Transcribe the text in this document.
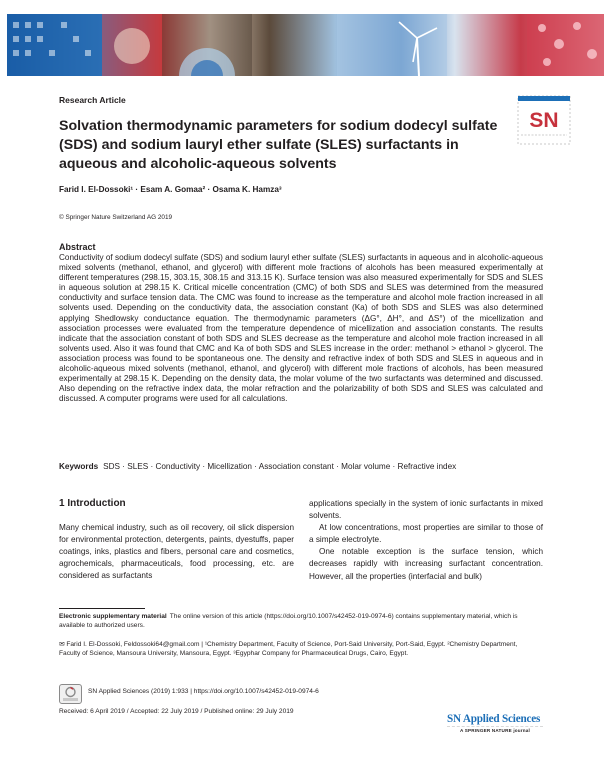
Research Article
Solvation thermodynamic parameters for sodium dodecyl sulfate (SDS) and sodium lauryl ether sulfate (SLES) surfactants in aqueous and alcoholic-aqueous solvents
SN
Farid I. El-Dossoki¹ · Esam A. Gomaa² · Osama K. Hamza³
© Springer Nature Switzerland AG 2019
Abstract
Conductivity of sodium dodecyl sulfate (SDS) and sodium lauryl ether sulfate (SLES) surfactants in aqueous and in alcoholic-aqueous mixed solvents (methanol, ethanol, and glycerol) with different mole fractions of alcohols has been measured experimentally at different temperatures (298.15, 303.15, 308.15 and 313.15 K). Surface tension was also measured experimentally for SDS and SLES in aqueous solution at 298.15 K. Critical micelle concentration (CMC) of both SDS and SLES was determined from the measured conductivity and surface tension data. The CMC was found to increase as the temperature and alcohol mole fraction increased in all solvents used. Depending on the conductivity data, the association constant (Ka) of both SDS and SLES was also determined applying Shedlowsky conductance equation. The thermodynamic parameters (ΔG°, ΔH°, and ΔS°) of the micellization and association processes were evaluated from the temperature dependence of micellization and association constants. The results indicate that the association constant of both SDS and SLES decrease as the temperature and alcohol mole fraction increased in all solvents used. Also it was found that CMC and Ka of both SDS and SLES increase in the order: methanol > ethanol > glycerol. The association process was found to be spontaneous one. The density and refractive index of both SDS and SLES in aqueous and in alcoholic-aqueous mixed solvents (methanol, ethanol, and glycerol) with different mole fractions of alcohols, has been measured experimentally at 298.15 K. Depending on the density data, the molar volume of the two surfactants was determined and discussed. Also depending on the refractive index data, the molar refraction and the polarizability of both SDS and SLES was calculated and discussed. A computer programs were used for all calculations.
Keywords SDS · SLES · Conductivity · Micellization · Association constant · Molar volume · Refractive index
1 Introduction
Many chemical industry, such as oil recovery, oil slick dispersion for environmental protection, detergents, paints, dyestuffs, paper coatings, inks, plastics and fibers, personal care and cosmetics, agrochemicals, pharmaceuticals, food processing, etc. are considered as surfactants

applications specially in the system of ionic surfactants in mixed solvents.

At low concentrations, most properties are similar to those of a simple electrolyte.

One notable exception is the surface tension, which decreases rapidly with increasing surfactant concentration. However, all the properties (interfacial and bulk)

Electronic supplementary material The online version of this article (https://doi.org/10.1007/s42452-019-0974-6) contains supplementary material, which is available to authorized users.
✉ Farid I. El-Dossoki, Feldossoki64@gmail.com | ¹Chemistry Department, Faculty of Science, Port-Said University, Port-Said, Egypt. ²Chemistry Department, Faculty of Science, Mansoura University, Mansoura, Egypt. ³Egyphar Company for Pharmaceutical Drugs, Cairo, Egypt.
SN Applied Sciences (2019) 1:933 | https://doi.org/10.1007/s42452-019-0974-6
Received: 6 April 2019 / Accepted: 22 July 2019 / Published online: 29 July 2019
SN Applied Sciences
A SPRINGER NATURE journal
